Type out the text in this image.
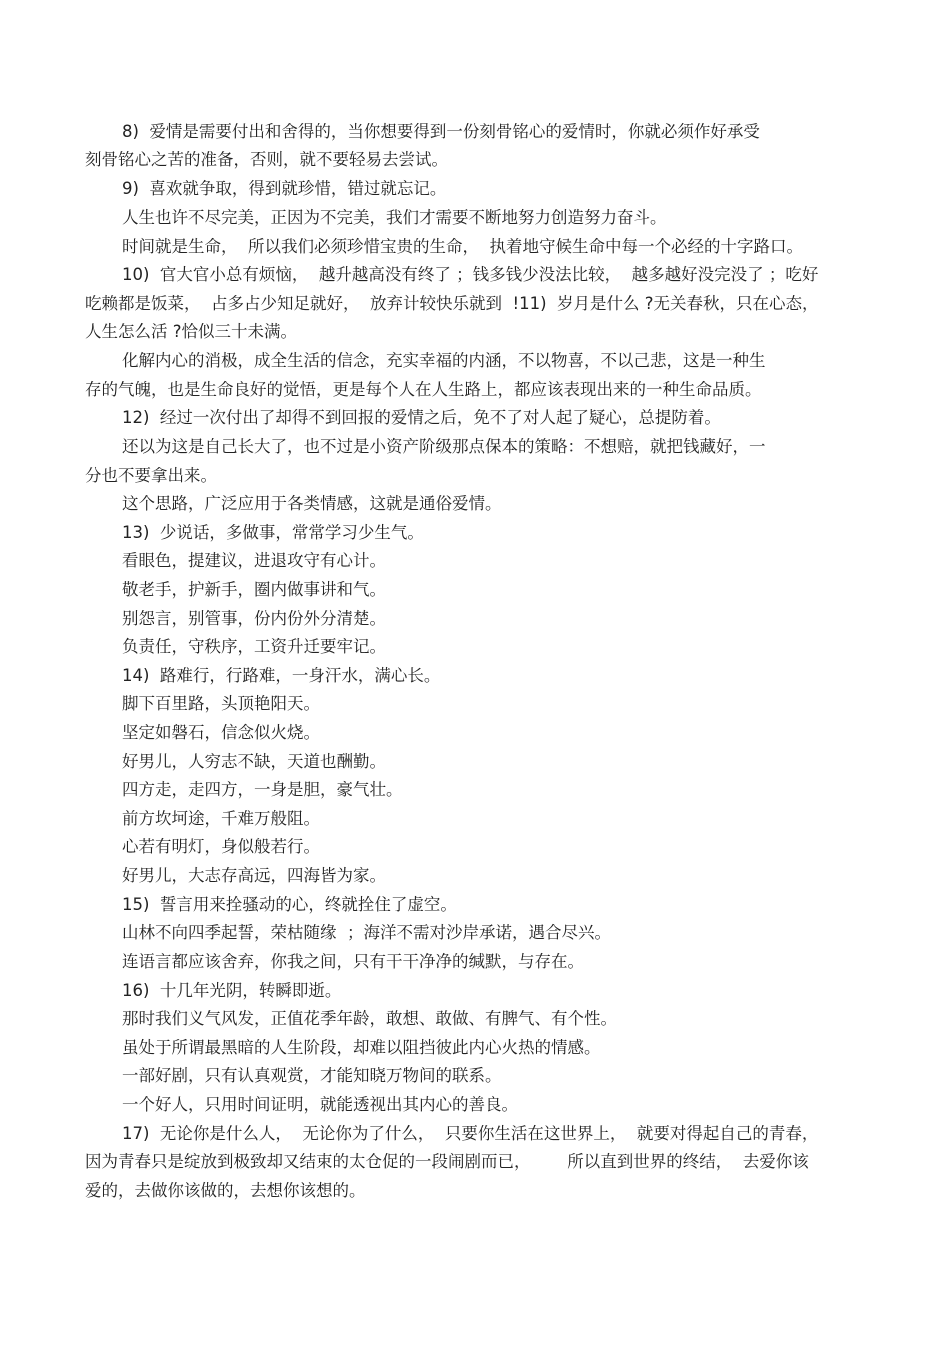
8)  爱情是需要付出和舍得的，当你想要得到一份刻骨铭心的爱情时，你就必须作好承受
刻骨铭心之苦的准备，否则，就不要轻易去尝试。
9)  喜欢就争取，得到就珍惜，错过就忘记。
人生也许不尽完美，正因为不完美，我们才需要不断地努力创造努力奋斗。
时间就是生命，  所以我们必须珍惜宝贵的生命，  执着地守候生命中每一个必经的十字路口。
10)  官大官小总有烦恼，  越升越高没有终了 ；钱多钱少没法比较，  越多越好没完没了 ；吃好
吃赖都是饭菜，  占多占少知足就好，  放弃计较快乐就到  !11)  岁月是什么 ?无关春秋，只在心态，
人生怎么活 ?恰似三十未满。
化解内心的消极，成全生活的信念，充实幸福的内涵，不以物喜，不以己悲，这是一种生
存的气魄，也是生命良好的觉悟，更是每个人在人生路上，都应该表现出来的一种生命品质。
12)  经过一次付出了却得不到回报的爱情之后，免不了对人起了疑心，总提防着。
还以为这是自己长大了，也不过是小资产阶级那点保本的策略：不想赔，就把钱藏好，一
分也不要拿出来。
这个思路，广泛应用于各类情感，这就是通俗爱情。
13)  少说话，多做事，常常学习少生气。
看眼色，提建议，进退攻守有心计。
敬老手，护新手，圈内做事讲和气。
别怨言，别管事，份内份外分清楚。
负责任，守秩序，工资升迁要牢记。
14)  路难行，行路难，一身汗水，满心长。
脚下百里路，头顶艳阳天。
坚定如磐石，信念似火烧。
好男儿，人穷志不缺，天道也酬勤。
四方走，走四方，一身是胆，豪气壮。
前方坎坷途，千难万般阻。
心若有明灯，身似般若行。
好男儿，大志存高远，四海皆为家。
15)  誓言用来拴骚动的心，终就拴住了虚空。
山林不向四季起誓，荣枯随缘  ；海洋不需对沙岸承诺，遇合尽兴。
连语言都应该舍弃，你我之间，只有干干净净的缄默，与存在。
16)  十几年光阴，转瞬即逝。
那时我们义气风发，正值花季年龄，敢想、敢做、有脾气、有个性。
虽处于所谓最黑暗的人生阶段，却难以阻挡彼此内心火热的情感。
一部好剧，只有认真观赏，才能知晓万物间的联系。
一个好人，只用时间证明，就能透视出其内心的善良。
17)  无论你是什么人，  无论你为了什么，  只要你生活在这世界上，  就要对得起自己的青春，
因为青春只是绽放到极致却又结束的太仓促的一段闹剧而已，       所以直到世界的终结，  去爱你该
爱的，去做你该做的，去想你该想的。
